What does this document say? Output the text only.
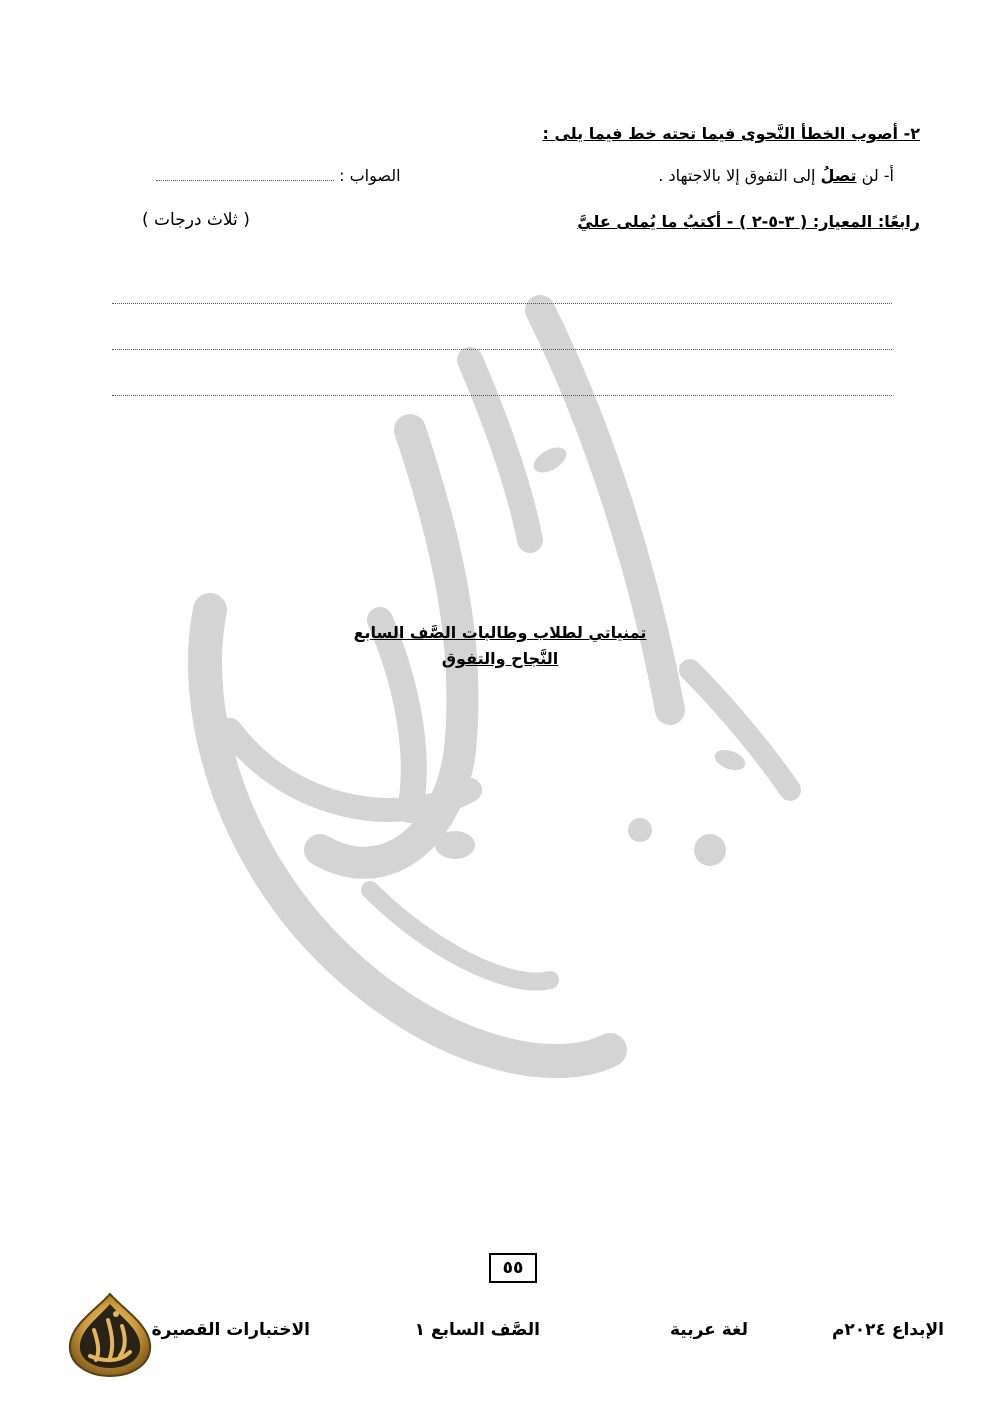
٢- أصوب الخطأ النَّحوى فيما تحته خط فيما يلى :
أ- لن تصلُ إلى التفوق إلا بالاجتهاد .
الصواب :
رابعًا: المعيار: ( ٣-٥-٢ ) - أكتبُ ما يُملى عليَّ
( ثلاث درجات )
تمنياتي لطلاب وطالبات الصَّف السابع
النَّجاح والتفوق
٥٥
الإبداع ٢٠٢٤م
لغة عربية
الصَّف السابع ١
الاختبارات القصيرة
